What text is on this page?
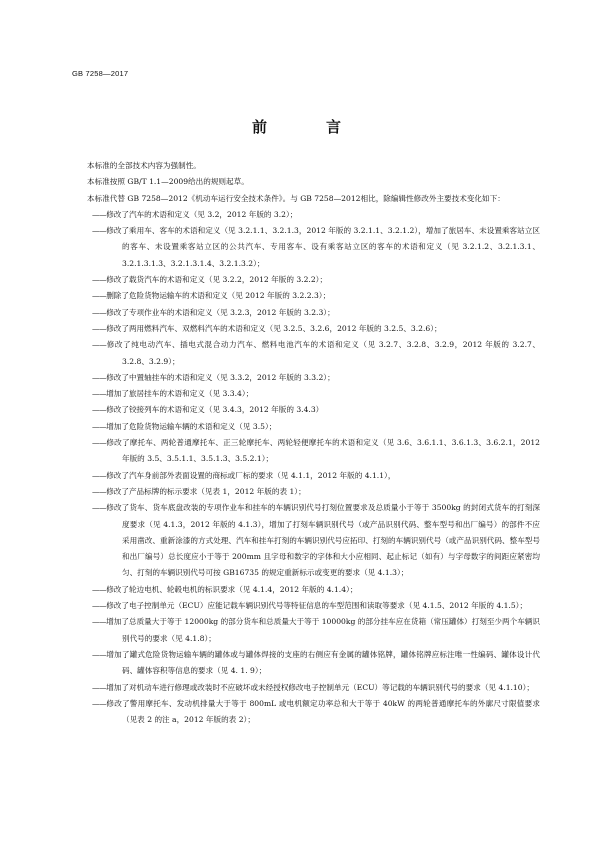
GB 7258—2017
前　言

本标准的全部技术内容为强制性。

本标准按照 GB/T 1.1—2009给出的规则起草。

本标准代替 GB 7258—2012《机动车运行安全技术条件》。与 GB 7258—2012相比，除编辑性修改外主要技术变化如下：

——修改了汽车的术语和定义（见 3.2，2012 年版的 3.2）；

——修改了乘用车、客车的术语和定义（见 3.2.1.1、3.2.1.3，2012 年版的 3.2.1.1、3.2.1.2），增加了旅居车、未设置乘客站立区的客车、未设置乘客站立区的公共汽车、专用客车、设有乘客站立区的客车的术语和定义（见 3.2.1.2、3.2.1.3.1、3.2.1.3.1.3、3.2.1.3.1.4、3.2.1.3.2）；

——修改了载货汽车的术语和定义（见 3.2.2，2012 年版的 3.2.2）；

——删除了危险货物运输车的术语和定义（见 2012 年版的 3.2.2.3）；

——修改了专项作业车的术语和定义（见 3.2.3，2012 年版的 3.2.3）；

——修改了两用燃料汽车、双燃料汽车的术语和定义（见 3.2.5、3.2.6，2012 年版的 3.2.5、3.2.6）；

——修改了纯电动汽车、插电式混合动力汽车、燃料电池汽车的术语和定义（见 3.2.7、3.2.8、3.2.9，2012 年版的 3.2.7、3.2.8、3.2.9）；

——修改了中置轴挂车的术语和定义（见 3.3.2，2012 年版的 3.3.2）；

——增加了旅居挂车的术语和定义（见 3.3.4）；

——修改了铰接列车的术语和定义（见 3.4.3，2012 年版的 3.4.3）

——增加了危险货物运输车辆的术语和定义（见 3.5）；

——修改了摩托车、两轮普通摩托车、正三轮摩托车、两轮轻便摩托车的术语和定义（见 3.6、3.6.1.1、3.6.1.3、3.6.2.1，2012 年版的 3.5、3.5.1.1、3.5.1.3、3.5.2.1）；

——修改了汽车身前部外表面设置的商标或厂标的要求（见 4.1.1，2012 年版的 4.1.1），

——修改了产品标牌的标示要求（见表 1，2012 年版的表 1）；

——修改了货车、货车底盘改装的专项作业车和挂车的车辆识别代号打刻位置要求及总质量小于等于 3500kg 的封闭式货车的打刻深度要求（见 4.1.3，2012 年版的 4.1.3），增加了打刻车辆识别代号（或产品识别代码、整车型号和出厂编号）的部件不应采用凿改、重新涂漆的方式处理、汽车和挂车打刻的车辆识别代号应拓印、打刻的车辆识别代号（或产品识别代码、整车型号和出厂编号）总长度应小于等于 200mm 且字母和数字的字体和大小应相同、起止标记（如有）与字母数字的间距应紧密均匀、打刻的车辆识别代号可按 GB16735 的规定重新标示或变更的要求（见 4.1.3）；

——修改了轮边电机、轮毂电机的标识要求（见 4.1.4，2012 年版的 4.1.4）；

——修改了电子控制单元（ECU）应能记载车辆识别代号等特征信息的车型范围和读取等要求（见 4.1.5、2012 年版的 4.1.5）；

——增加了总质量大于等于 12000kg 的部分货车和总质量大于等于 10000kg 的部分挂车应在货箱（常压罐体）打刻至少两个车辆识别代号的要求（见 4.1.8）；

——增加了罐式危险货物运输车辆的罐体或与罐体焊接的支座的右侧应有金属的罐体铭牌，罐体铭牌应标注唯一性编码、罐体设计代码、罐体容积等信息的要求（见 4. 1. 9）；

——增加了对机动车进行修理或改装时不应破坏或未经授权修改电子控制单元（ECU）等记载的车辆识别代号的要求（见 4.1.10）；

——修改了警用摩托车、发动机排量大于等于 800mL 或电机额定功率总和大于等于 40kW 的两轮普通摩托车的外廓尺寸限值要求（见表 2 的注 a，2012 年版的表 2）；
